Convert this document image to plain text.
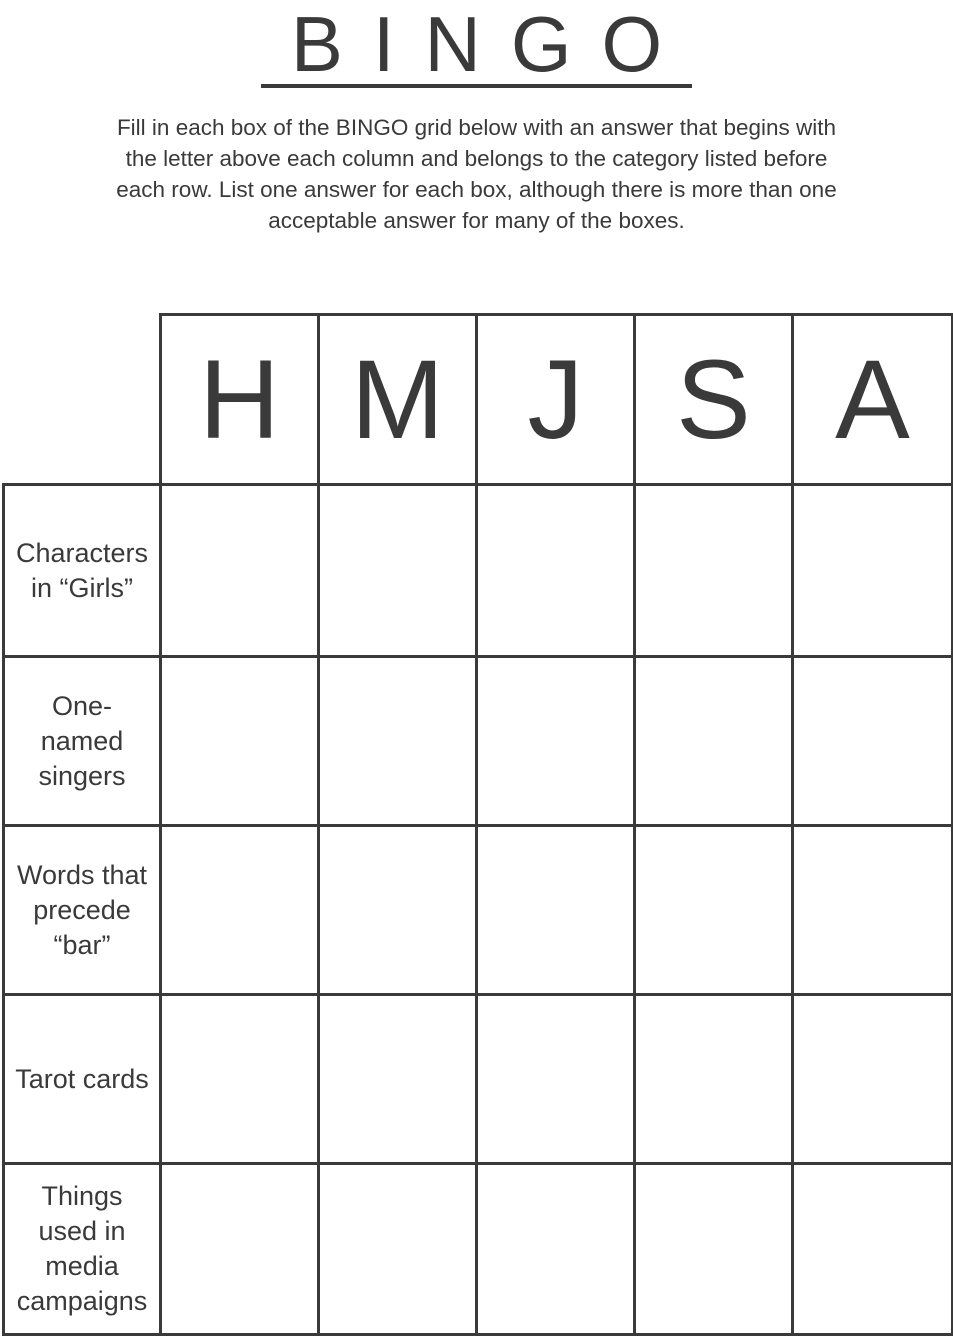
BINGO

Fill in each box of the BINGO grid below with an answer that begins with the letter above each column and belongs to the category listed before each row. List one answer for each box, although there is more than one acceptable answer for many of the boxes.

H M J S A
Characters in “Girls”
One-named singers
Words that precede “bar”
Tarot cards
Things used in media campaigns
